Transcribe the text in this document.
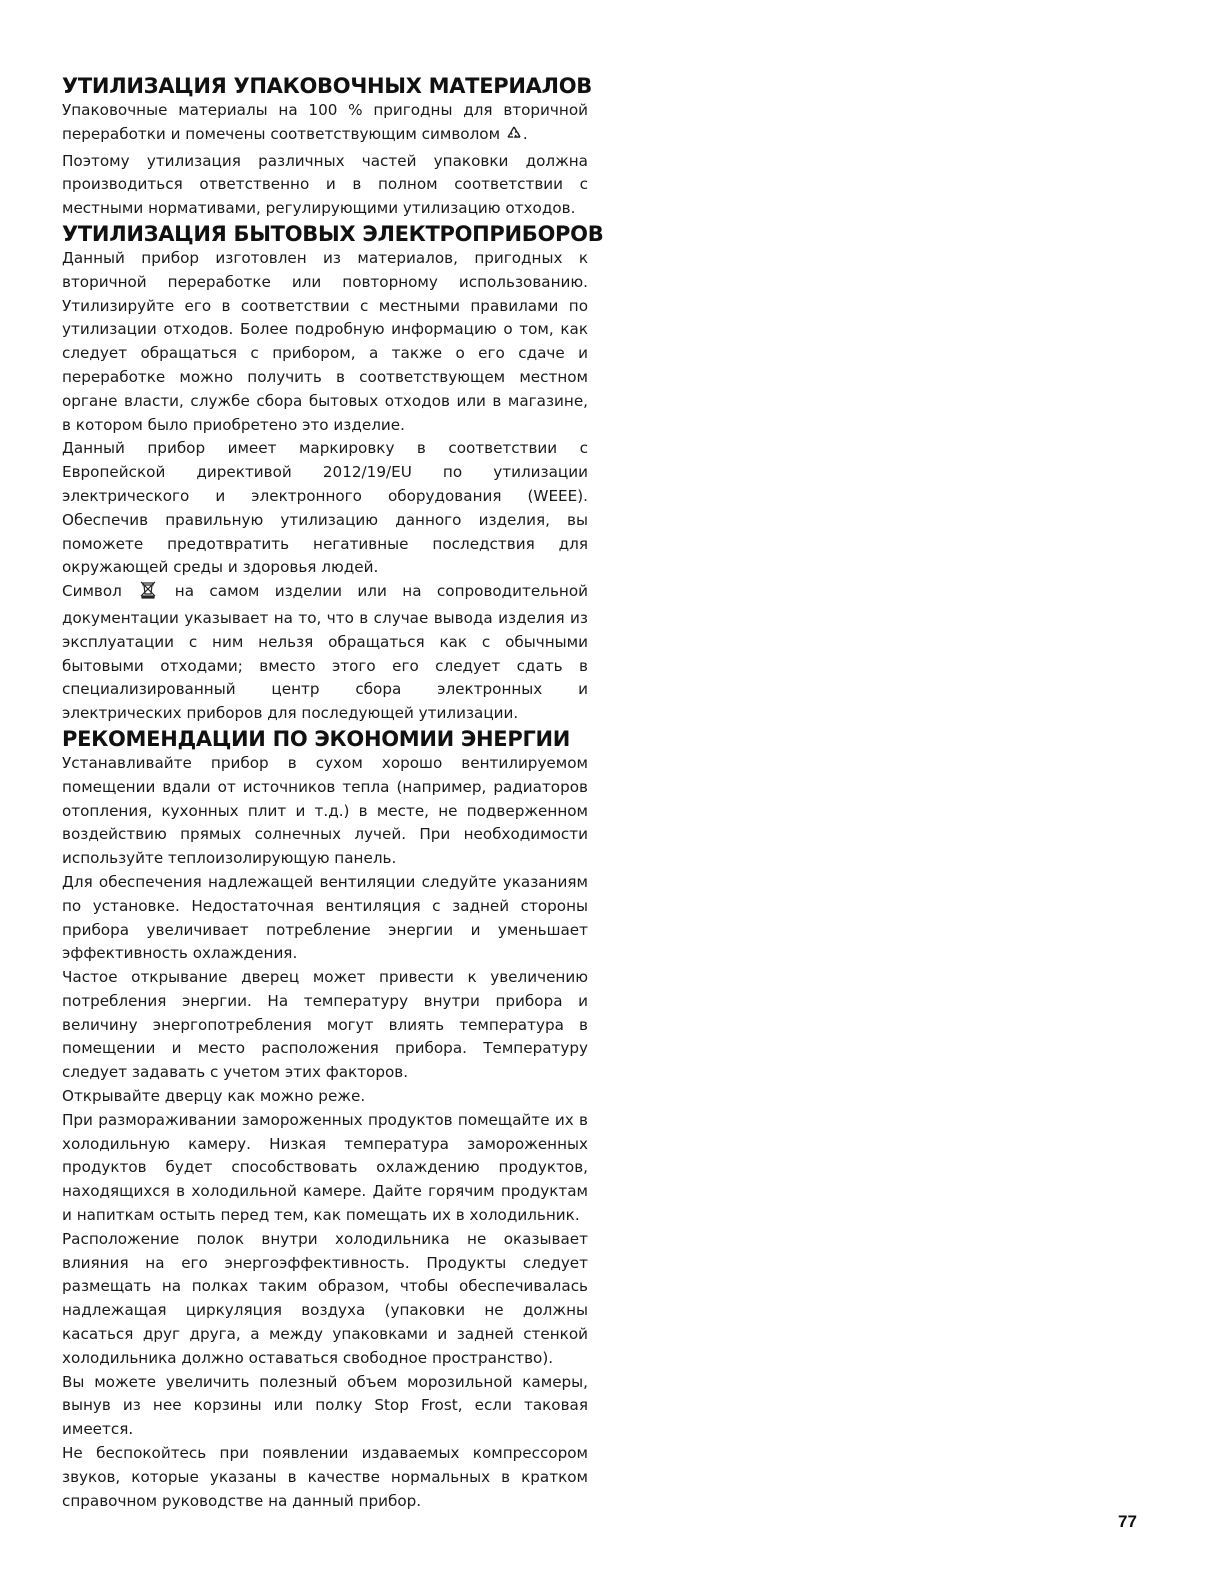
УТИЛИЗАЦИЯ УПАКОВОЧНЫХ МАТЕРИАЛОВ

Упаковочные материалы на 100 % пригодны для вторичной переработки и помечены соответствующим символом .

Поэтому утилизация различных частей упаковки должна производиться ответственно и в полном соответствии с местными нормативами, регулирующими утилизацию отходов.

УТИЛИЗАЦИЯ БЫТОВЫХ ЭЛЕКТРОПРИБОРОВ

Данный прибор изготовлен из материалов, пригодных к вторичной переработке или повторному использованию. Утилизируйте его в соответствии с местными правилами по утилизации отходов. Более подробную информацию о том, как следует обращаться с прибором, а также о его сдаче и переработке можно получить в соответствующем местном органе власти, службе сбора бытовых отходов или в магазине, в котором было приобретено это изделие.

Данный прибор имеет маркировку в соответствии с Европейской директивой 2012/19/EU по утилизации электрического и электронного оборудования (WEEE). Обеспечив правильную утилизацию данного изделия, вы поможете предотвратить негативные последствия для окружающей среды и здоровья людей.

Символ  на самом изделии или на сопроводительной документации указывает на то, что в случае вывода изделия из эксплуатации с ним нельзя обращаться как с обычными бытовыми отходами; вместо этого его следует сдать в специализированный центр сбора электронных и электрических приборов для последующей утилизации.

РЕКОМЕНДАЦИИ ПО ЭКОНОМИИ ЭНЕРГИИ

Устанавливайте прибор в сухом хорошо вентилируемом помещении вдали от источников тепла (например, радиаторов отопления, кухонных плит и т.д.) в месте, не подверженном воздействию прямых солнечных лучей. При необходимости используйте теплоизолирующую панель.

Для обеспечения надлежащей вентиляции следуйте указаниям по установке. Недостаточная вентиляция с задней стороны прибора увеличивает потребление энергии и уменьшает эффективность охлаждения.

Частое открывание дверец может привести к увеличению потребления энергии. На температуру внутри прибора и величину энергопотребления могут влиять температура в помещении и место расположения прибора. Температуру следует задавать с учетом этих факторов.

Открывайте дверцу как можно реже.

При размораживании замороженных продуктов помещайте их в холодильную камеру. Низкая температура замороженных продуктов будет способствовать охлаждению продуктов, находящихся в холодильной камере. Дайте горячим продуктам и напиткам остыть перед тем, как помещать их в холодильник.

Расположение полок внутри холодильника не оказывает влияния на его энергоэффективность. Продукты следует размещать на полках таким образом, чтобы обеспечивалась надлежащая циркуляция воздуха (упаковки не должны касаться друг друга, а между упаковками и задней стенкой холодильника должно оставаться свободное пространство).

Вы можете увеличить полезный объем морозильной камеры, вынув из нее корзины или полку Stop Frost, если таковая имеется.

Не беспокойтесь при появлении издаваемых компрессором звуков, которые указаны в качестве нормальных в кратком справочном руководстве на данный прибор.

77
